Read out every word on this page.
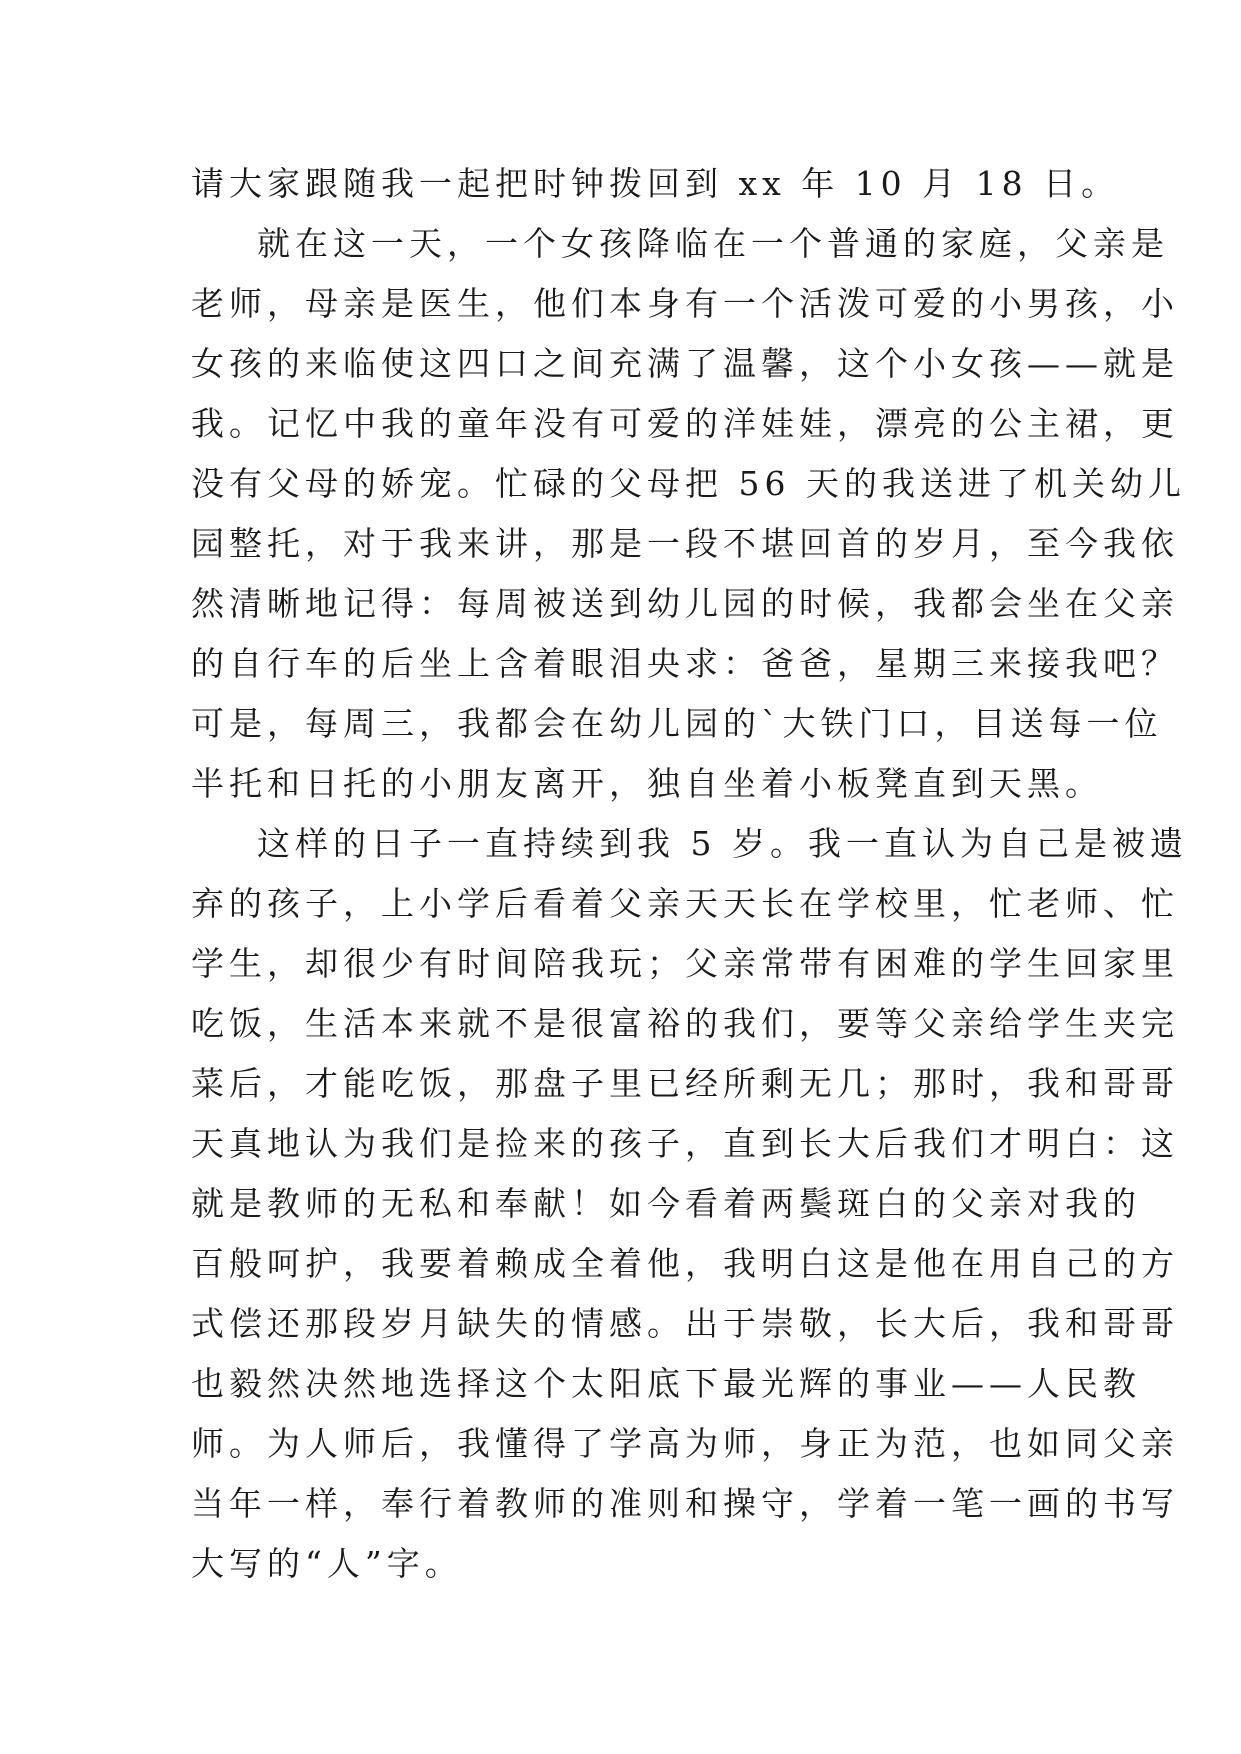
请大家跟随我一起把时钟拨回到 xx 年 10 月 18 日。
就在这一天，一个女孩降临在一个普通的家庭，父亲是
老师，母亲是医生，他们本身有一个活泼可爱的小男孩，小
女孩的来临使这四口之间充满了温馨，这个小女孩——就是
我。记忆中我的童年没有可爱的洋娃娃，漂亮的公主裙，更
没有父母的娇宠。忙碌的父母把 56 天的我送进了机关幼儿
园整托，对于我来讲，那是一段不堪回首的岁月，至今我依
然清晰地记得：每周被送到幼儿园的时候，我都会坐在父亲
的自行车的后坐上含着眼泪央求：爸爸，星期三来接我吧？
可是，每周三，我都会在幼儿园的`大铁门口，目送每一位
半托和日托的小朋友离开，独自坐着小板凳直到天黑。
这样的日子一直持续到我 5 岁。我一直认为自己是被遗
弃的孩子，上小学后看着父亲天天长在学校里，忙老师、忙
学生，却很少有时间陪我玩；父亲常带有困难的学生回家里
吃饭，生活本来就不是很富裕的我们，要等父亲给学生夹完
菜后，才能吃饭，那盘子里已经所剩无几；那时，我和哥哥
天真地认为我们是捡来的孩子，直到长大后我们才明白：这
就是教师的无私和奉献！如今看着两鬓斑白的父亲对我的
百般呵护，我要着赖成全着他，我明白这是他在用自己的方
式偿还那段岁月缺失的情感。出于崇敬，长大后，我和哥哥
也毅然决然地选择这个太阳底下最光辉的事业——人民教
师。为人师后，我懂得了学高为师，身正为范，也如同父亲
当年一样，奉行着教师的准则和操守，学着一笔一画的书写
大写的“人”字。
